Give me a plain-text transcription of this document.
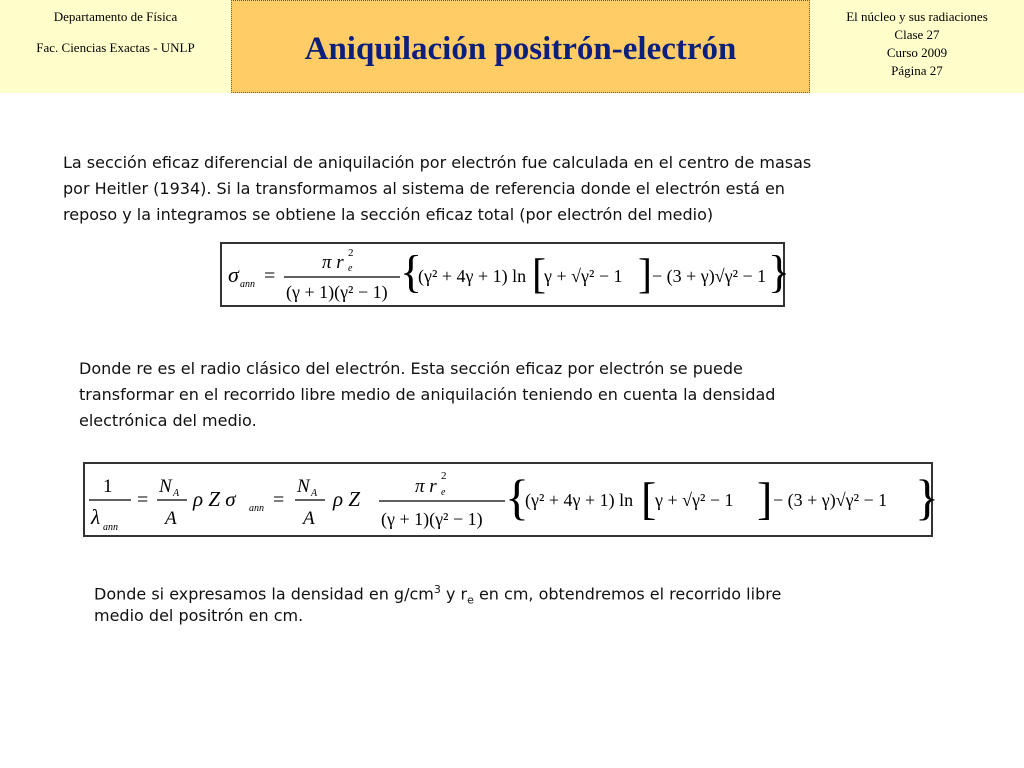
Departamento de Física
Fac. Ciencias Exactas - UNLP	Aniquilación positrón-electrón
El núcleo y sus radiaciones
Clase 27
Curso 2009
Página 27
La sección eficaz diferencial de aniquilación por electrón fue calculada en el centro de masas
por Heitler (1934). Si la transformamos al sistema de referencia donde el electrón está en
reposo y la integramos se obtiene la sección eficaz total (por electrón del medio)
σ ann =
π r 2
e
(γ + 1)(γ² − 1) {
(γ² + 4γ + 1) ln [
γ + √γ² − 1 ] − (3 + γ)√γ² − 1 }
Donde re es el radio clásico del electrón. Esta sección eficaz por electrón se puede
transformar en el recorrido libre medio de aniquilación teniendo en cuenta la densidad
electrónica del medio.
1
λ ann
=
N A
A
ρ Z σ ann =
N A
A
ρ Z
π r 2
e
(γ + 1)(γ² − 1) {
(γ² + 4γ + 1) ln [
γ + √γ² − 1 ] − (3 + γ)√γ² − 1 }
Donde si expresamos la densidad en $g/cm^3$ y $r_e$ en cm, obtendremos el recorrido libre
medio del positrón en cm.
